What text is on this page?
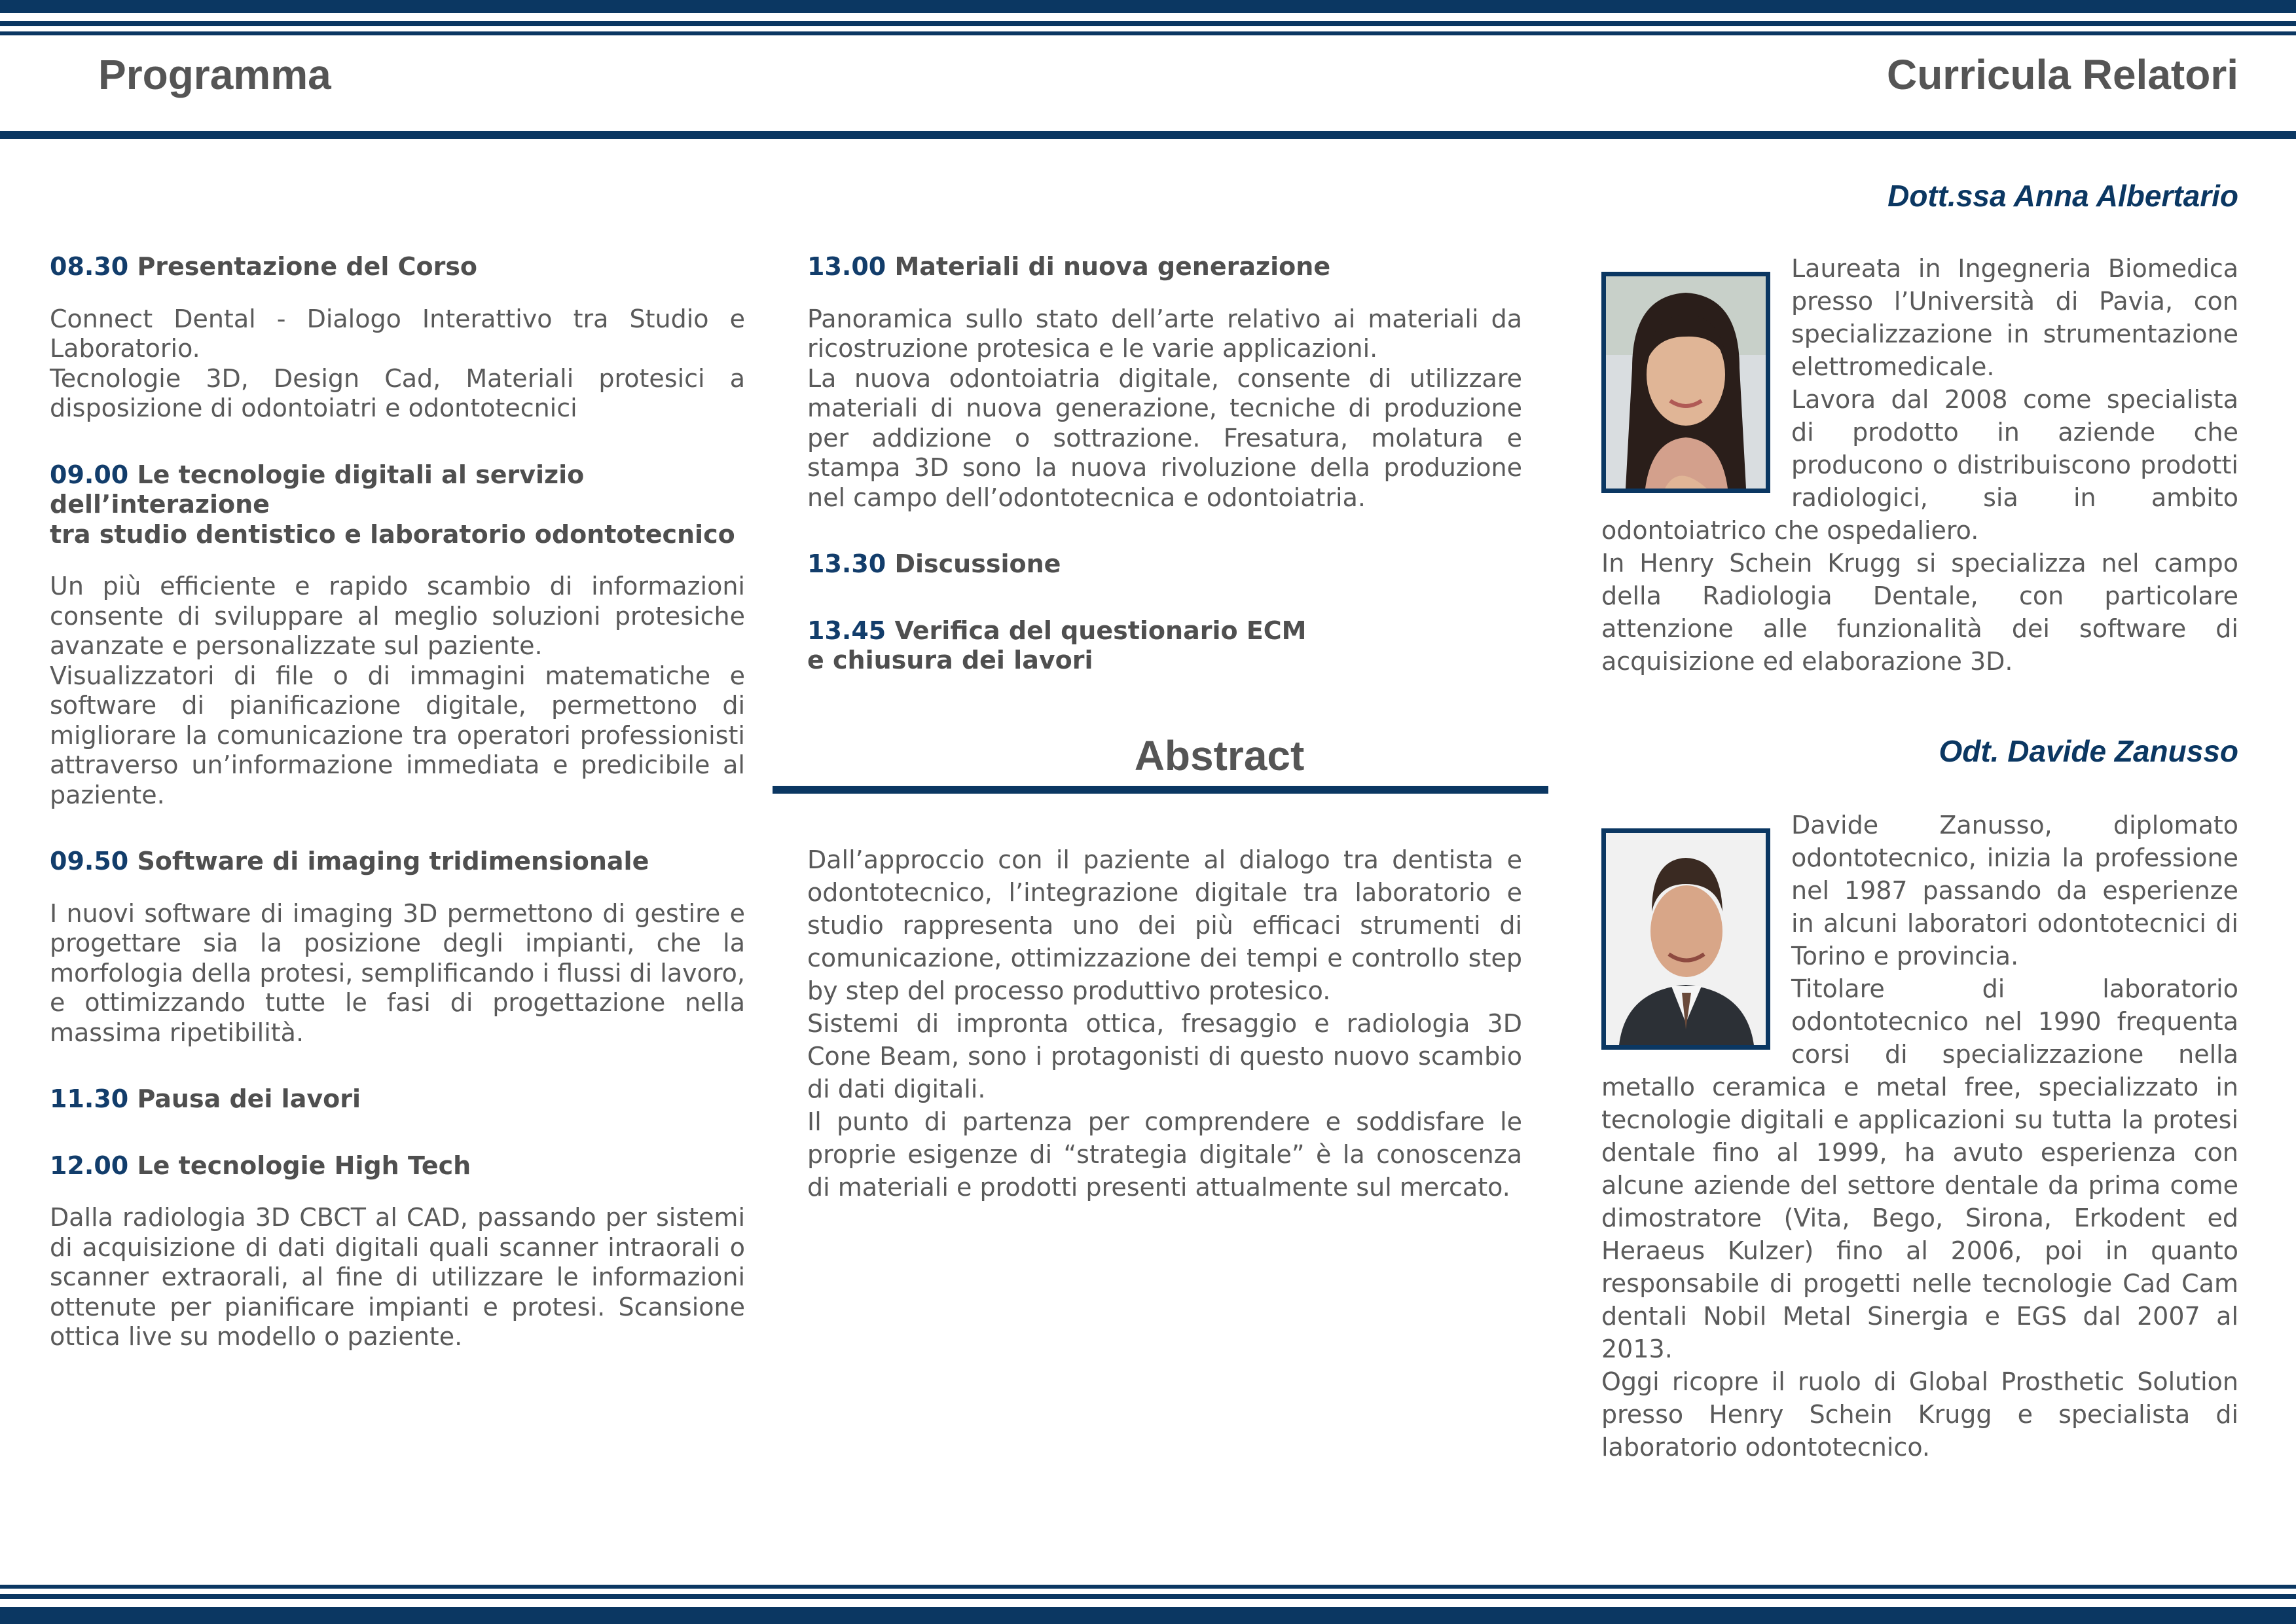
Programma	Curricula Relatori

08.30 Presentazione del Corso

Connect Dental - Dialogo Interattivo tra Studio e Laboratorio.
Tecnologie 3D, Design Cad, Materiali protesici a disposizione di odontoiatri e odontotecnici

09.00 Le tecnologie digitali al servizio dell’interazione
tra studio dentistico e laboratorio odontotecnico

Un più efficiente e rapido scambio di informazioni consente di sviluppare al meglio soluzioni protesiche avanzate e personalizzate sul paziente.
Visualizzatori di file o di immagini matematiche e software di pianificazione digitale, permettono di migliorare la comunicazione tra operatori professionisti attraverso un’informazione immediata e predicibile al paziente.

09.50 Software di imaging tridimensionale

I nuovi software di imaging 3D permettono di gestire e progettare sia la posizione degli impianti, che la morfologia della protesi, semplificando i flussi di lavoro, e ottimizzando tutte le fasi di progettazione nella massima ripetibilità.

11.30 Pausa dei lavori

12.00 Le tecnologie High Tech

Dalla radiologia 3D CBCT al CAD, passando per sistemi di acquisizione di dati digitali quali scanner intraorali o scanner extraorali, al fine di utilizzare le informazioni ottenute per pianificare impianti e protesi. Scansione ottica live su modello o paziente.

13.00 Materiali di nuova generazione

Panoramica sullo stato dell’arte relativo ai materiali da ricostruzione protesica e le varie applicazioni.
La nuova odontoiatria digitale, consente di utilizzare materiali di nuova generazione, tecniche di produzione per addizione o sottrazione. Fresatura, molatura e stampa 3D sono la nuova rivoluzione della produzione nel campo dell’odontotecnica e odontoiatria.

13.30 Discussione

13.45 Verifica del questionario ECM
e chiusura dei lavori

Abstract

Dall’approccio con il paziente al dialogo tra dentista e odontotecnico, l’integrazione digitale tra laboratorio e studio rappresenta uno dei più efficaci strumenti di comunicazione, ottimizzazione dei tempi e controllo step by step del processo produttivo protesico.
Sistemi di impronta ottica, fresaggio e radiologia 3D Cone Beam, sono i protagonisti di questo nuovo scambio di dati digitali.
Il punto di partenza per comprendere e soddisfare le proprie esigenze di “strategia digitale” è la conoscenza di materiali e prodotti presenti attualmente sul mercato.

Dott.ssa Anna Albertario

Laureata in Ingegneria Biomedica presso l’Università di Pavia, con specializzazione in strumentazione elettromedicale.
Lavora dal 2008 come specialista di prodotto in aziende che producono o distribuiscono prodotti radiologici, sia in ambito odontoiatrico che ospedaliero.
In Henry Schein Krugg si specializza nel campo della Radiologia Dentale, con particolare attenzione alle funzionalità dei software di acquisizione ed elaborazione 3D.

Odt. Davide Zanusso

Davide Zanusso, diplomato odontotecnico, inizia la professione nel 1987 passando da esperienze in alcuni laboratori odontotecnici di Torino e provincia.
Titolare di laboratorio odontotecnico nel 1990 frequenta corsi di specializzazione nella metallo ceramica e metal free, specializzato in tecnologie digitali e applicazioni su tutta la protesi dentale fino al 1999, ha avuto esperienza con alcune aziende del settore dentale da prima come dimostratore (Vita, Bego, Sirona, Erkodent ed Heraeus Kulzer) fino al 2006, poi in quanto responsabile di progetti nelle tecnologie Cad Cam dentali Nobil Metal Sinergia e EGS dal 2007 al 2013.
Oggi ricopre il ruolo di Global Prosthetic Solution presso Henry Schein Krugg e specialista di laboratorio odontotecnico.
